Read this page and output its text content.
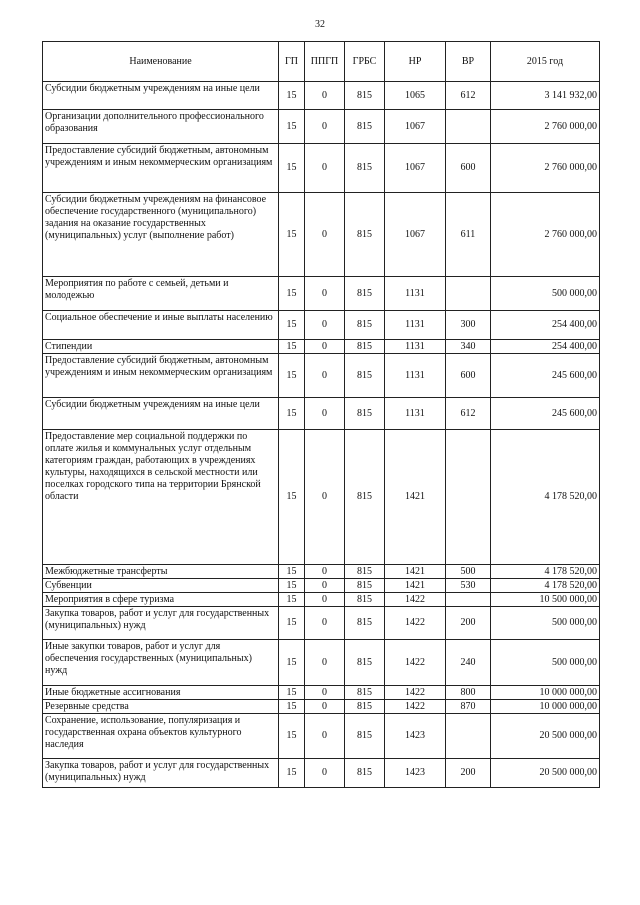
32
Наименование	ГП	ППГП	ГРБС	НР	ВР	2015 год
Субсидии бюджетным учреждениям на иные цели	15	0	815	1065	612	3 141 932,00
Организации дополнительного профессионального образования	15	0	815	1067		2 760 000,00
Предоставление субсидий бюджетным, автономным учреждениям и иным некоммерческим организациям	15	0	815	1067	600	2 760 000,00
Субсидии бюджетным учреждениям на финансовое обеспечение государственного (муниципального) задания на оказание государственных (муниципальных) услуг (выполнение работ)	15	0	815	1067	611	2 760 000,00
Мероприятия по работе с семьей, детьми и молодежью	15	0	815	1131		500 000,00
Социальное обеспечение и иные выплаты населению	15	0	815	1131	300	254 400,00
Стипендии	15	0	815	1131	340	254 400,00
Предоставление субсидий бюджетным, автономным учреждениям и иным некоммерческим организациям	15	0	815	1131	600	245 600,00
Субсидии бюджетным учреждениям на иные цели	15	0	815	1131	612	245 600,00
Предоставление мер социальной поддержки по оплате жилья и коммунальных услуг отдельным категориям граждан, работающих в учреждениях культуры, находящихся в сельской местности или поселках городского типа на территории Брянской области	15	0	815	1421		4 178 520,00
Межбюджетные трансферты	15	0	815	1421	500	4 178 520,00
Субвенции	15	0	815	1421	530	4 178 520,00
Мероприятия в сфере туризма	15	0	815	1422		10 500 000,00
Закупка товаров, работ и услуг для государственных (муниципальных) нужд	15	0	815	1422	200	500 000,00
Иные закупки товаров, работ и услуг для обеспечения государственных (муниципальных) нужд	15	0	815	1422	240	500 000,00
Иные бюджетные ассигнования	15	0	815	1422	800	10 000 000,00
Резервные средства	15	0	815	1422	870	10 000 000,00
Сохранение, использование, популяризация и государственная охрана объектов культурного наследия	15	0	815	1423		20 500 000,00
Закупка товаров, работ и услуг для государственных (муниципальных) нужд	15	0	815	1423	200	20 500 000,00
